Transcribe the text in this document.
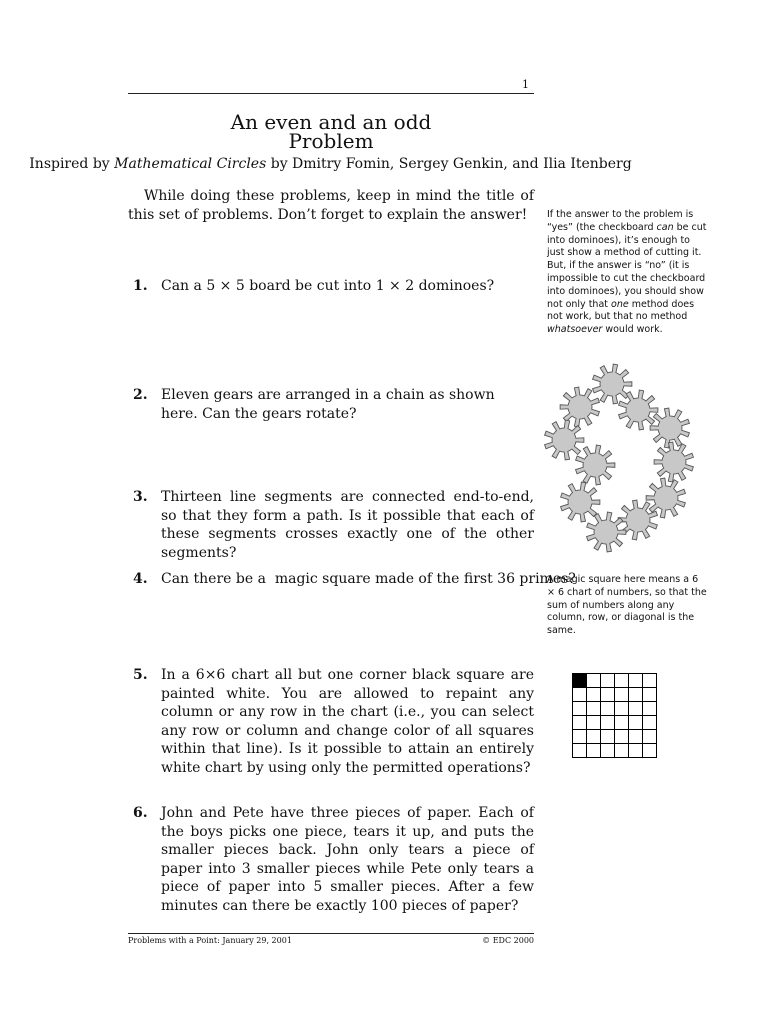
1
An even and an odd
Problem
Inspired by Mathematical Circles by Dmitry Fomin, Sergey Genkin, and Ilia Itenberg
While doing these problems, keep in mind the title of this set of problems. Don’t forget to explain the answer!	If the answer to the problem is “yes” (the checkboard can be cut into dominoes), it’s enough to just show a method of cutting it. But, if the answer is “no” (it is impossible to cut the checkboard into dominoes), you should show not only that one method does not work, but that no method whatsoever would work.
1. Can a 5 × 5 board be cut into 1 × 2 dominoes?
2. Eleven gears are arranged in a chain as shown here. Can the gears rotate?
3. Thirteen line segments are connected end-to-end, so that they form a path. Is it possible that each of these segments crosses exactly one of the other segments?
4. Can there be a  magic square made of the first 36 primes?
5. In a 6×6 chart all but one corner black square are painted white. You are allowed to repaint any column or any row in the chart (i.e., you can select any row or column and change color of all squares within that line). Is it possible to attain an entirely white chart by using only the permitted operations?
6. John and Pete have three pieces of paper. Each of the boys picks one piece, tears it up, and puts the smaller pieces back. John only tears a piece of paper into 3 smaller pieces while Pete only tears a piece of paper into 5 smaller pieces. After a few minutes can there be exactly 100 pieces of paper?
A magic square here means a 6 × 6 chart of numbers, so that the sum of numbers along any column, row, or diagonal is the same.

Problems with a Point: January 29, 2001	© EDC 2000
